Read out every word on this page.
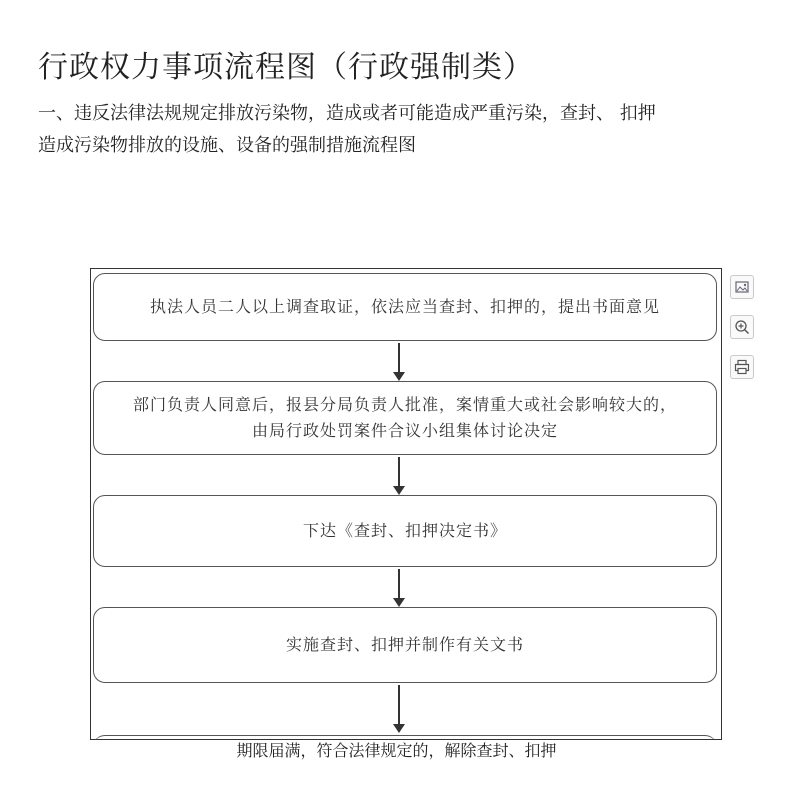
行政权力事项流程图（行政强制类）
一、违反法律法规规定排放污染物，造成或者可能造成严重污染，查封、 扣押
造成污染物排放的设施、设备的强制措施流程图
执法人员二人以上调查取证，依法应当查封、扣押的，提出书面意见
部门负责人同意后，报县分局负责人批准，案情重大或社会影响较大的，
由局行政处罚案件合议小组集体讨论决定
下达《查封、扣押决定书》
实施查封、扣押并制作有关文书
期限届满，符合法律规定的，解除查封、扣押
